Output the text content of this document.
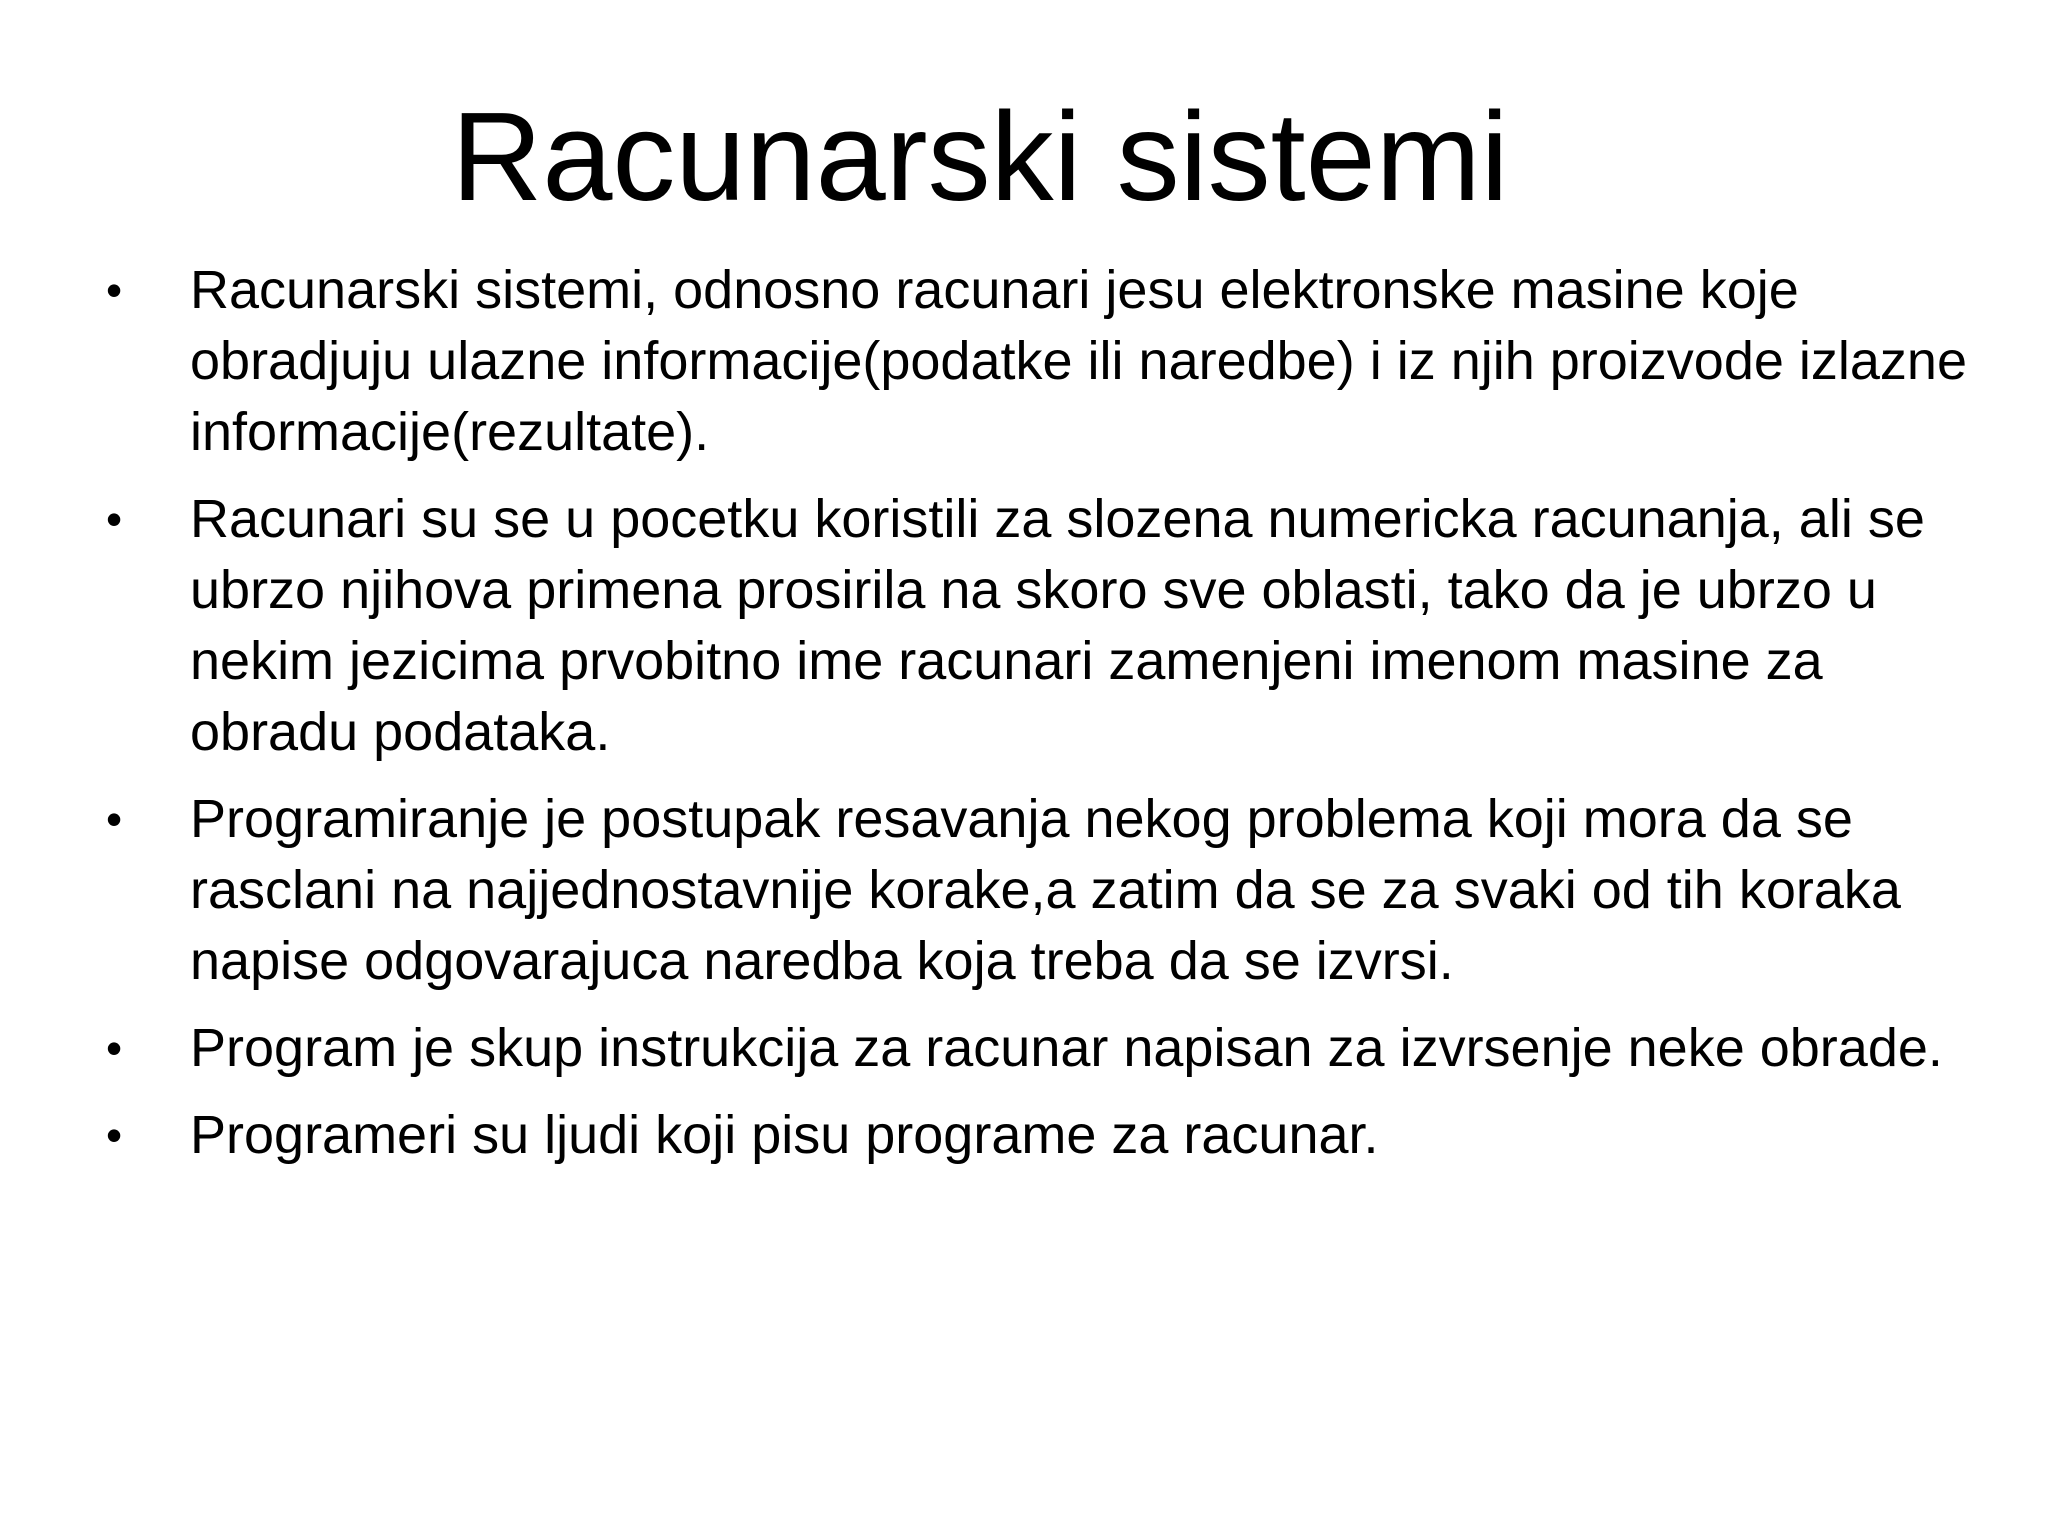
Racunarski sistemi
• Racunarski sistemi, odnosno racunari jesu elektronske masine koje obradjuju ulazne informacije(podatke ili naredbe) i iz njih proizvode izlazne informacije(rezultate).
• Racunari su se u pocetku koristili za slozena numericka racunanja, ali se ubrzo njihova primena prosirila na skoro sve oblasti, tako da je ubrzo u nekim jezicima prvobitno ime racunari zamenjeni imenom masine za obradu podataka.
• Programiranje je postupak resavanja nekog problema koji mora da se rasclani na najjednostavnije korake,a zatim da se za svaki od tih koraka napise odgovarajuca naredba koja treba da se izvrsi.
• Program je skup instrukcija za racunar napisan za izvrsenje neke obrade.
• Programeri su ljudi koji pisu programe za racunar.
